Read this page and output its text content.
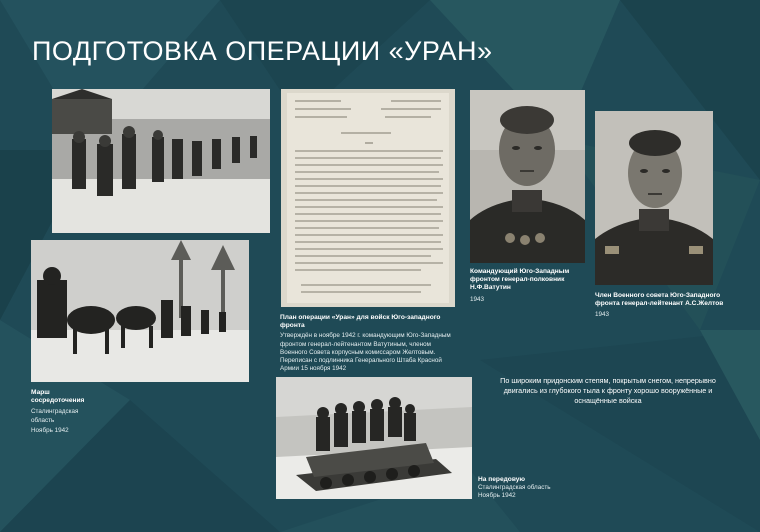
ПОДГОТОВКА ОПЕРАЦИИ «УРАН»
План операции «Уран» для войск Юго-западного фронта
Утверждён в ноябре 1942 г. командующим Юго-Западным фронтом генерал-лейтенантом Ватутиным, членом Военного Совета корпусным комиссаром Желтовым. Переписан с подлинника Генерального Штаба Красной Армии 15 ноября 1942
Командующий Юго-Западным фронтом генерал-полковник Н.Ф.Ватутин
1943
Член Военного совета Юго-Западного фронта генерал-лейтенант А.С.Желтов
1943
Марш сосредоточения
Сталинградская область
Ноябрь 1942
На передовую
Сталинградская область
Ноябрь 1942
По широким придонским степям, покрытым снегом, непрерывно двигались из глубокого тыла к фронту хорошо вооружённые и оснащённые войска
